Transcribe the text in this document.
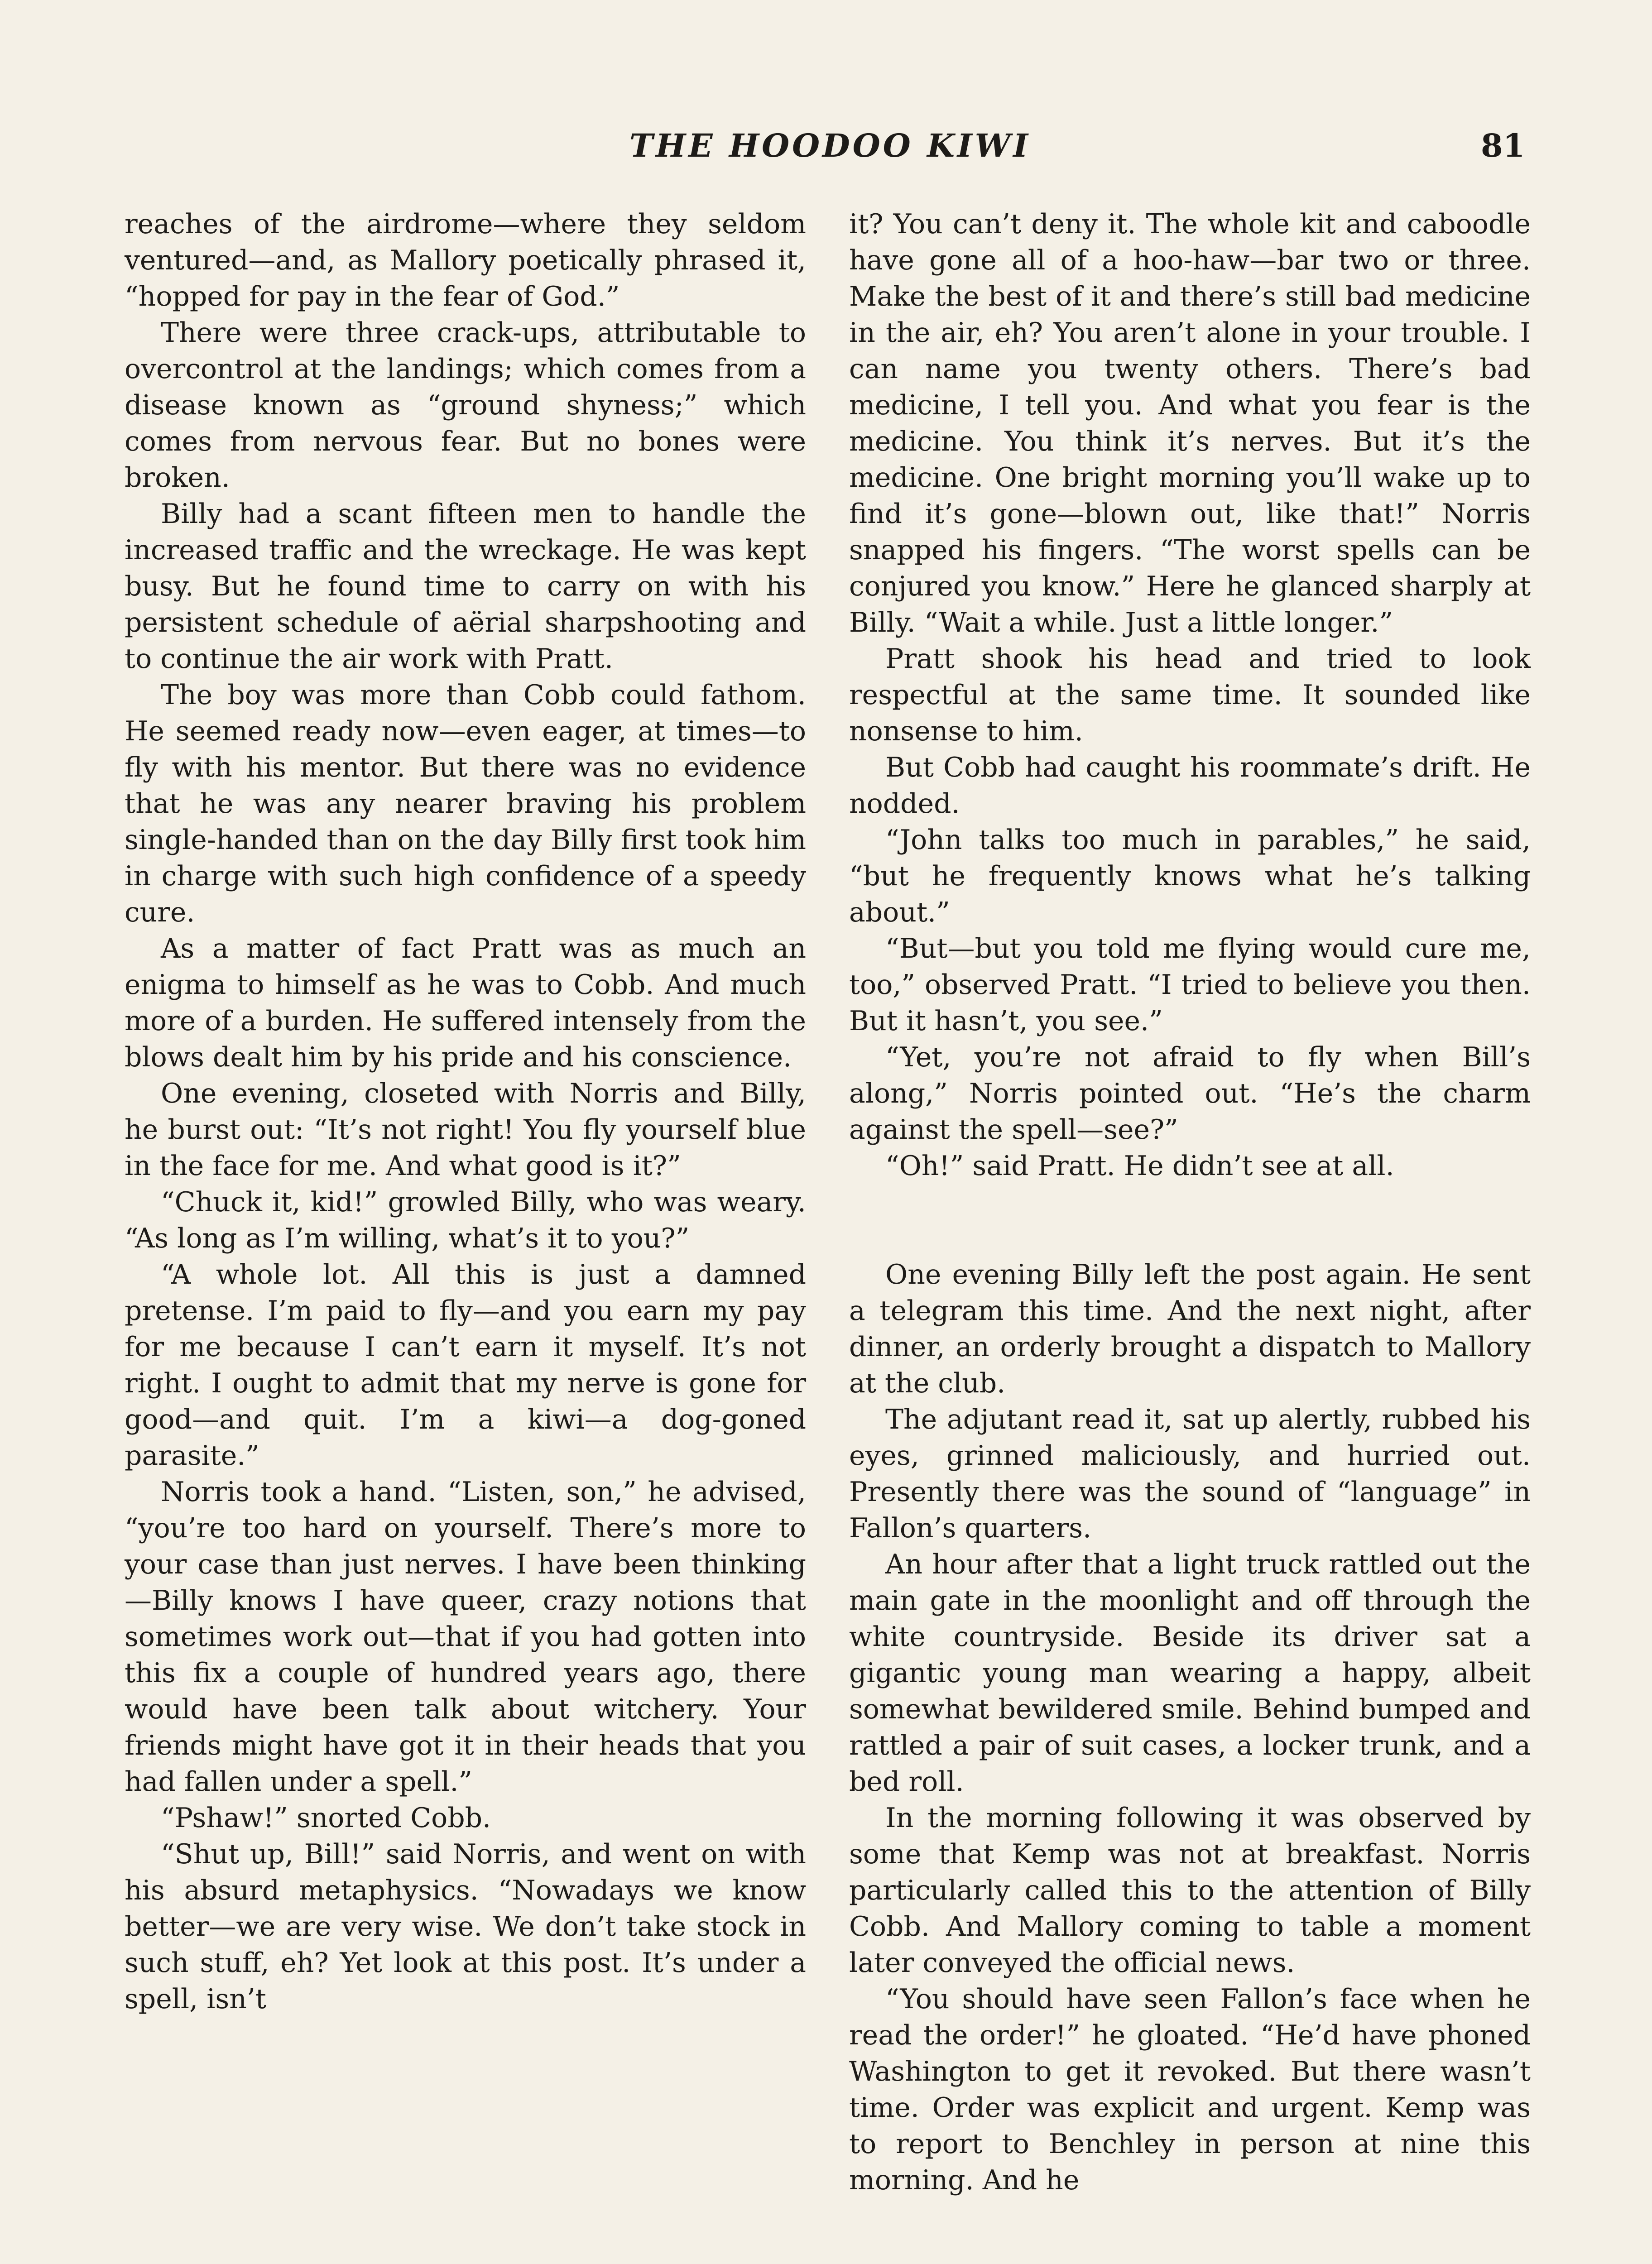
THE HOODOO KIWI	81

reaches of the airdrome—where they seldom ventured—and, as Mallory poetically phrased it, “hopped for pay in the fear of God.”

There were three crack-ups, attributable to overcontrol at the landings; which comes from a disease known as “ground shyness;” which comes from nervous fear. But no bones were broken.

Billy had a scant fifteen men to handle the increased traffic and the wreckage. He was kept busy. But he found time to carry on with his persistent schedule of aërial sharpshooting and to continue the air work with Pratt.

The boy was more than Cobb could fathom. He seemed ready now—even eager, at times—to fly with his mentor. But there was no evidence that he was any nearer braving his problem single-handed than on the day Billy first took him in charge with such high confidence of a speedy cure.

As a matter of fact Pratt was as much an enigma to himself as he was to Cobb. And much more of a burden. He suffered intensely from the blows dealt him by his pride and his conscience.

One evening, closeted with Norris and Billy, he burst out: “It’s not right! You fly yourself blue in the face for me. And what good is it?”

“Chuck it, kid!” growled Billy, who was weary. “As long as I’m willing, what’s it to you?”

“A whole lot. All this is just a damned pretense. I’m paid to fly—and you earn my pay for me because I can’t earn it myself. It’s not right. I ought to admit that my nerve is gone for good—and quit. I’m a kiwi—a dog-goned parasite.”

Norris took a hand. “Listen, son,” he advised, “you’re too hard on yourself. There’s more to your case than just nerves. I have been thinking—Billy knows I have queer, crazy notions that sometimes work out—that if you had gotten into this fix a couple of hundred years ago, there would have been talk about witchery. Your friends might have got it in their heads that you had fallen under a spell.”

“Pshaw!” snorted Cobb.

“Shut up, Bill!” said Norris, and went on with his absurd metaphysics. “Nowadays we know better—we are very wise. We don’t take stock in such stuff, eh? Yet look at this post. It’s under a spell, isn’t

it? You can’t deny it. The whole kit and caboodle have gone all of a hoo-haw—bar two or three. Make the best of it and there’s still bad medicine in the air, eh? You aren’t alone in your trouble. I can name you twenty others. There’s bad medicine, I tell you. And what you fear is the medicine. You think it’s nerves. But it’s the medicine. One bright morning you’ll wake up to find it’s gone—blown out, like that!” Norris snapped his fingers. “The worst spells can be conjured you know.” Here he glanced sharply at Billy. “Wait a while. Just a little longer.”

Pratt shook his head and tried to look respectful at the same time. It sounded like nonsense to him.

But Cobb had caught his roommate’s drift. He nodded.

“John talks too much in parables,” he said, “but he frequently knows what he’s talking about.”

“But—but you told me flying would cure me, too,” observed Pratt. “I tried to believe you then. But it hasn’t, you see.”

“Yet, you’re not afraid to fly when Bill’s along,” Norris pointed out. “He’s the charm against the spell—see?”

“Oh!” said Pratt. He didn’t see at all.

One evening Billy left the post again. He sent a telegram this time. And the next night, after dinner, an orderly brought a dispatch to Mallory at the club.

The adjutant read it, sat up alertly, rubbed his eyes, grinned maliciously, and hurried out. Presently there was the sound of “language” in Fallon’s quarters.

An hour after that a light truck rattled out the main gate in the moonlight and off through the white countryside. Beside its driver sat a gigantic young man wearing a happy, albeit somewhat bewildered smile. Behind bumped and rattled a pair of suit cases, a locker trunk, and a bed roll.

In the morning following it was observed by some that Kemp was not at breakfast. Norris particularly called this to the attention of Billy Cobb. And Mallory coming to table a moment later conveyed the official news.

“You should have seen Fallon’s face when he read the order!” he gloated. “He’d have phoned Washington to get it revoked. But there wasn’t time. Order was explicit and urgent. Kemp was to report to Benchley in person at nine this morning. And he
